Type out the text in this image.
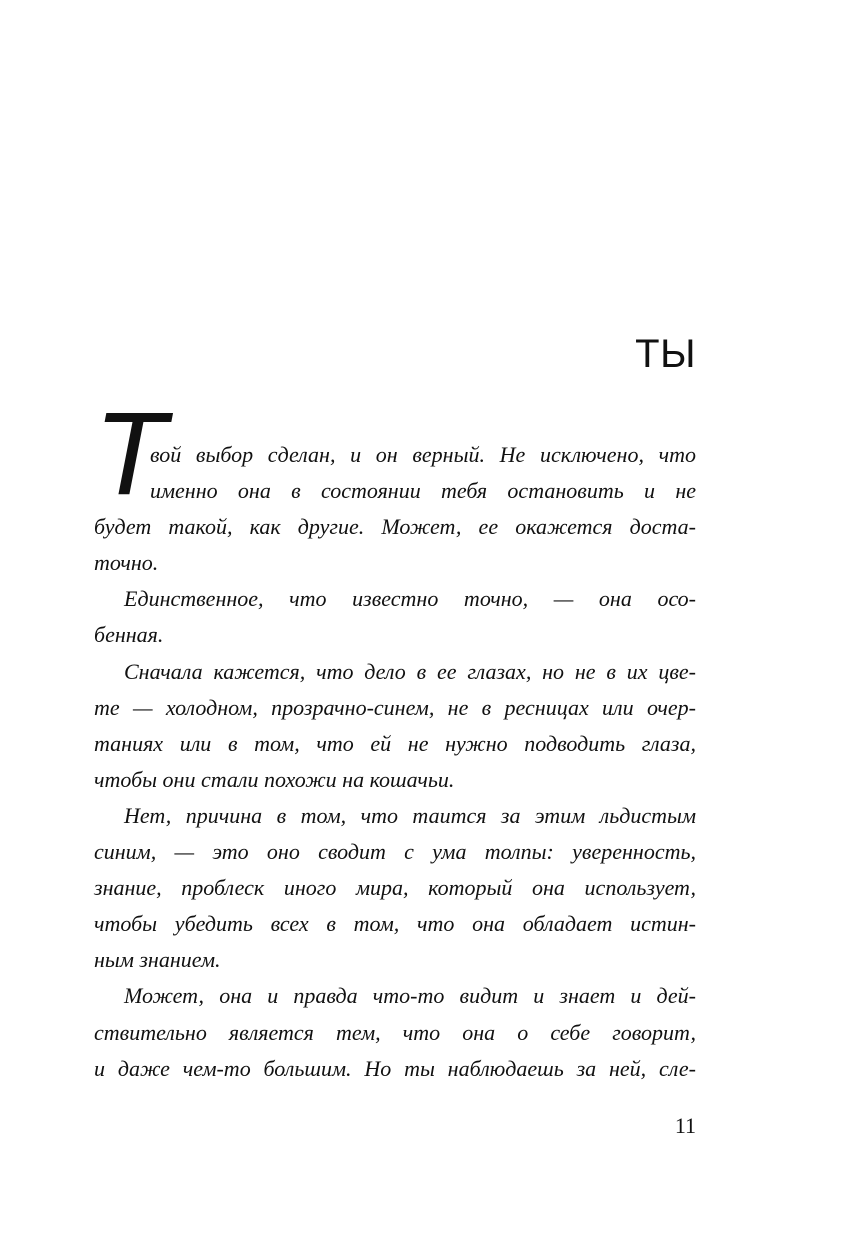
ТЫ
Т
вой выбор сделан, и он верный. Не исключено, что
именно она в состоянии тебя остановить и не
будет такой, как другие. Может, ее окажется доста-
точно.
Единственное, что известно точно, — она осо-
бенная.
Сначала кажется, что дело в ее глазах, но не в их цве-
те — холодном, прозрачно-синем, не в ресницах или очер-
таниях или в том, что ей не нужно подводить глаза,
чтобы они стали похожи на кошачьи.
Нет, причина в том, что таится за этим льдистым
синим, — это оно сводит с ума толпы: уверенность,
знание, проблеск иного мира, который она использует,
чтобы убедить всех в том, что она обладает истин-
ным знанием.
Может, она и правда что-то видит и знает и дей-
ствительно является тем, что она о себе говорит,
и даже чем-то большим. Но ты наблюдаешь за ней, сле-
11
